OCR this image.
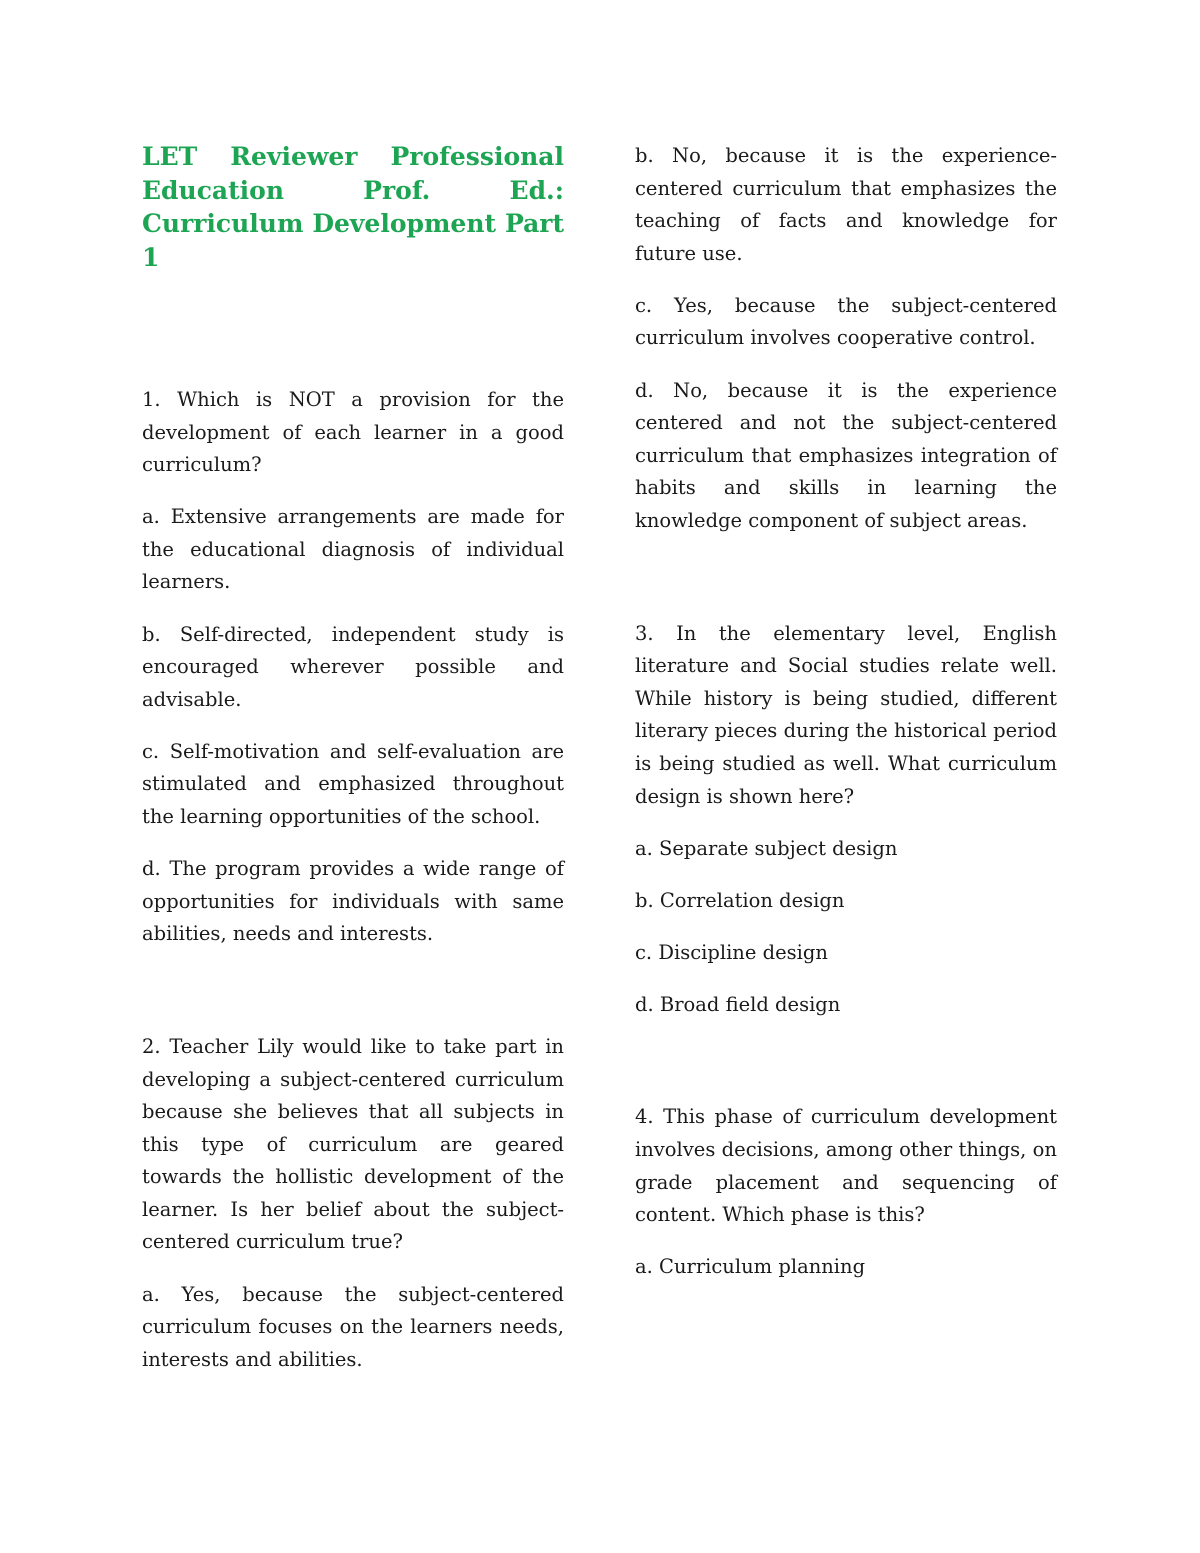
LET Reviewer Professional
Education Prof. Ed.: Curriculum Development Part 1

1. Which is NOT a provision for the development of each learner in a good curriculum?

a. Extensive arrangements are made for the educational diagnosis of individual learners.

b. Self-directed, independent study is encouraged wherever possible and advisable.

c. Self-motivation and self-evaluation are stimulated and emphasized throughout the learning opportunities of the school.

d. The program provides a wide range of opportunities for individuals with same abilities, needs and interests.

2. Teacher Lily would like to take part in developing a subject-centered curriculum because she believes that all subjects in this type of curriculum are geared towards the hollistic development of the learner. Is her belief about the subject-centered curriculum true?

a. Yes, because the subject-centered curriculum focuses on the learners needs, interests and abilities.

b. No, because it is the experience-centered curriculum that emphasizes the teaching of facts and knowledge for future use.

c. Yes, because the subject-centered curriculum involves cooperative control.

d. No, because it is the experience centered and not the subject-centered curriculum that emphasizes integration of habits and skills in learning the knowledge component of subject areas.

3. In the elementary level, English literature and Social studies relate well. While history is being studied, different literary pieces during the historical period is being studied as well. What curriculum design is shown here?

a. Separate subject design

b. Correlation design

c. Discipline design

d. Broad field design

4. This phase of curriculum development involves decisions, among other things, on grade placement and sequencing of content. Which phase is this?

a. Curriculum planning
